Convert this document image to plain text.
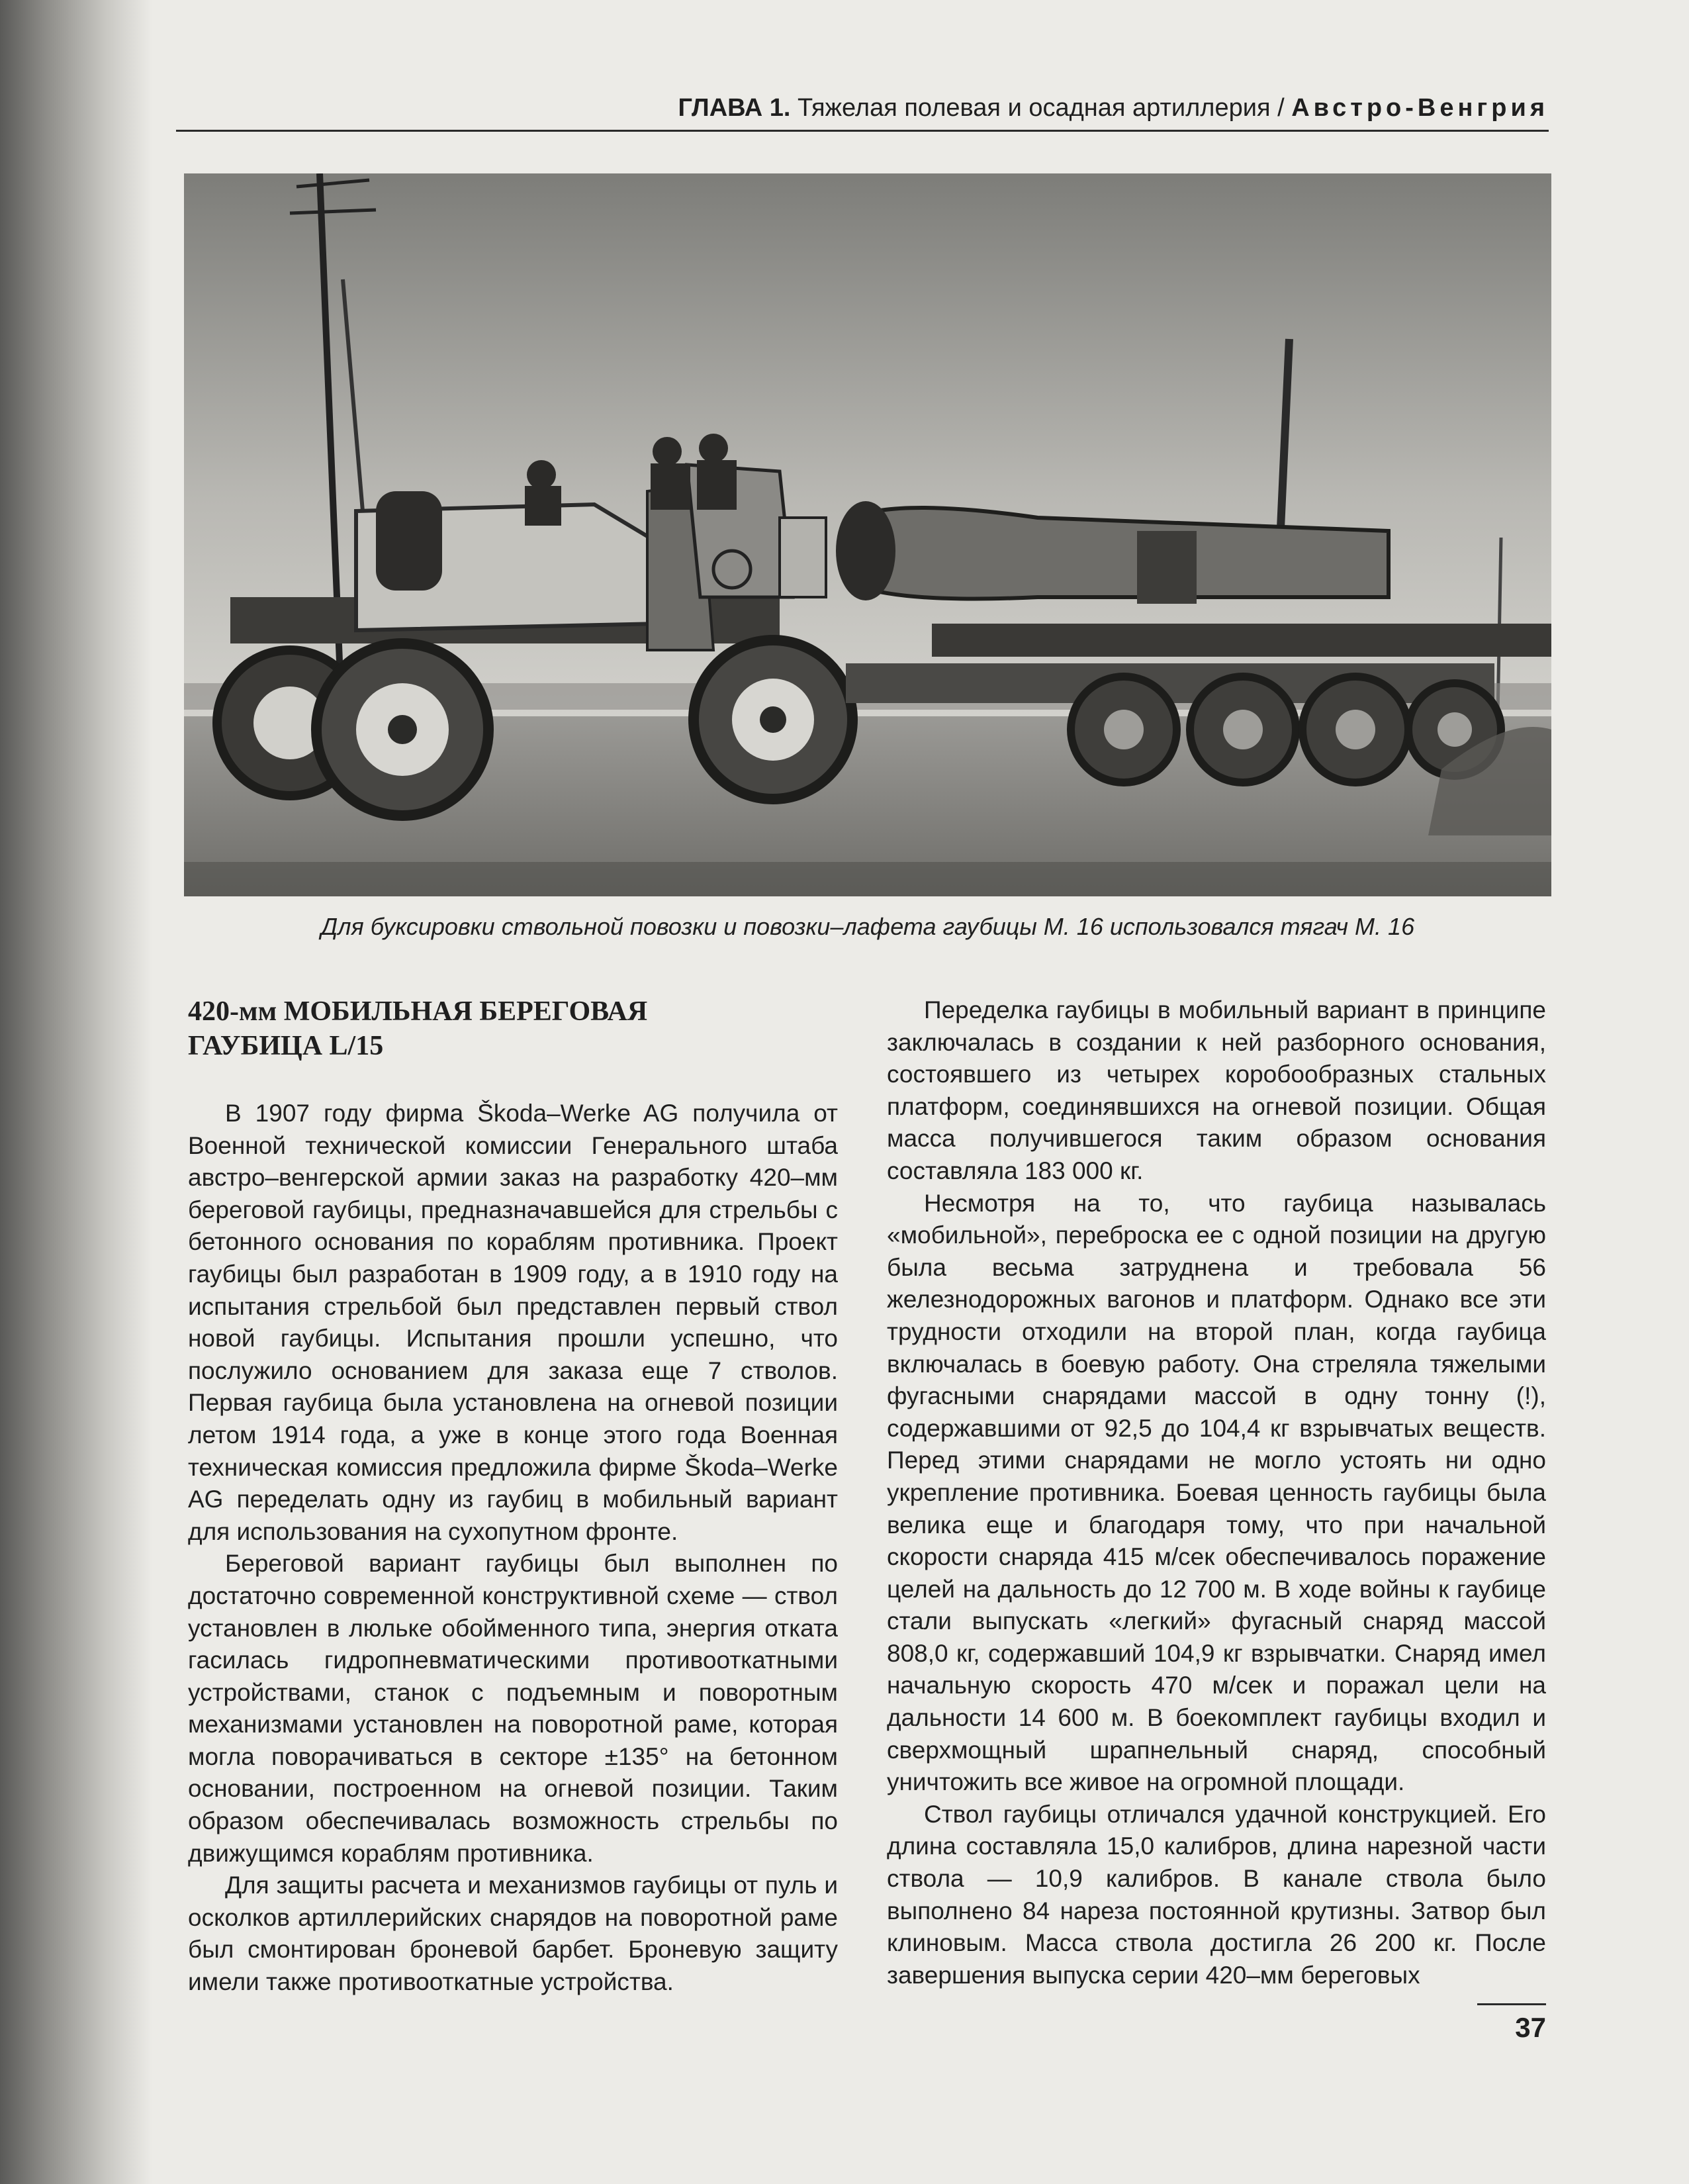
ГЛАВА 1. Тяжелая полевая и осадная артиллерия / Австро-Венгрия
Для буксировки ствольной повозки и повозки–лафета гаубицы М. 16 использовался тягач М. 16
420-мм МОБИЛЬНАЯ БЕРЕГОВАЯ
ГАУБИЦА L/15

В 1907 году фирма Škoda–Werke AG получила от Военной технической комиссии Генерального штаба австро–венгерской армии заказ на разработку 420–мм береговой гаубицы, предназначавшейся для стрельбы с бетонного основания по кораблям противника. Проект гаубицы был разработан в 1909 году, а в 1910 году на испытания стрельбой был представлен первый ствол новой гаубицы. Испытания прошли успешно, что послужило основанием для заказа еще 7 стволов. Первая гаубица была установлена на огневой позиции летом 1914 года, а уже в конце этого года Военная техническая комиссия предложила фирме Škoda–Werke AG переделать одну из гаубиц в мобильный вариант для использования на сухопутном фронте.

Береговой вариант гаубицы был выполнен по достаточно современной конструктивной схеме — ствол установлен в люльке обойменного типа, энергия отката гасилась гидропневматическими противооткатными устройствами, станок с подъемным и поворотным механизмами установлен на поворотной раме, которая могла поворачиваться в секторе ±135° на бетонном основании, построенном на огневой позиции. Таким образом обеспечивалась возможность стрельбы по движущимся кораблям противника.

Для защиты расчета и механизмов гаубицы от пуль и осколков артиллерийских снарядов на поворотной раме был смонтирован броневой барбет. Броневую защиту имели также противооткатные устройства.

Переделка гаубицы в мобильный вариант в принципе заключалась в создании к ней разборного основания, состоявшего из четырех коробообразных стальных платформ, соединявшихся на огневой позиции. Общая масса получившегося таким образом основания составляла 183 000 кг.

Несмотря на то, что гаубица называлась «мобильной», переброска ее с одной позиции на другую была весьма затруднена и требовала 56 железнодорожных вагонов и платформ. Однако все эти трудности отходили на второй план, когда гаубица включалась в боевую работу. Она стреляла тяжелыми фугасными снарядами массой в одну тонну (!), содержавшими от 92,5 до 104,4 кг взрывчатых веществ. Перед этими снарядами не могло устоять ни одно укрепление противника. Боевая ценность гаубицы была велика еще и благодаря тому, что при начальной скорости снаряда 415 м/сек обеспечивалось поражение целей на дальность до 12 700 м. В ходе войны к гаубице стали выпускать «легкий» фугасный снаряд массой 808,0 кг, содержавший 104,9 кг взрывчатки. Снаряд имел начальную скорость 470 м/сек и поражал цели на дальности 14 600 м. В боекомплект гаубицы входил и сверхмощный шрапнельный снаряд, способный уничтожить все живое на огромной площади.

Ствол гаубицы отличался удачной конструкцией. Его длина составляла 15,0 калибров, длина нарезной части ствола — 10,9 калибров. В канале ствола было выполнено 84 нареза постоянной крутизны. Затвор был клиновым. Масса ствола достигла 26 200 кг. После завершения выпуска серии 420–мм береговых

37
